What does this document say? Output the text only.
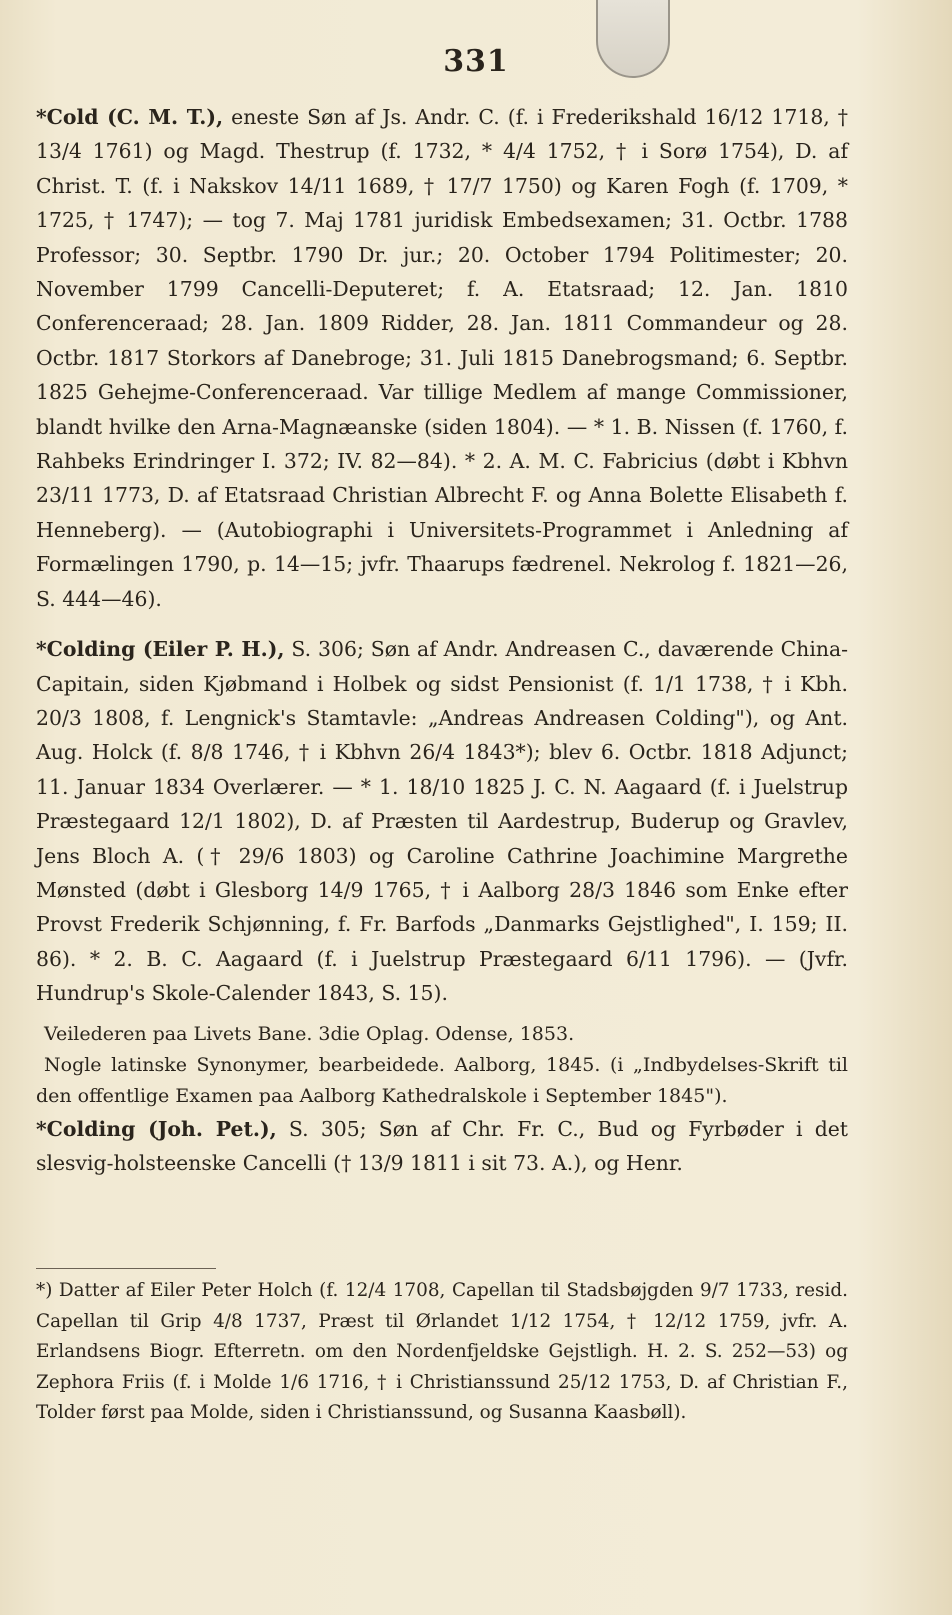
331

*Cold (C. M. T.), eneste Søn af Js. Andr. C. (f. i Frederikshald 16/12 1718, † 13/4 1761) og Magd. Thestrup (f. 1732, * 4/4 1752, † i Sorø 1754), D. af Christ. T. (f. i Nakskov 14/11 1689, † 17/7 1750) og Karen Fogh (f. 1709, * 1725, † 1747); — tog 7. Maj 1781 juridisk Embedsexamen; 31. Octbr. 1788 Professor; 30. Septbr. 1790 Dr. jur.; 20. October 1794 Politimester; 20. November 1799 Cancelli-Deputeret; f. A. Etatsraad; 12. Jan. 1810 Conferenceraad; 28. Jan. 1809 Ridder, 28. Jan. 1811 Commandeur og 28. Octbr. 1817 Storkors af Danebroge; 31. Juli 1815 Danebrogsmand; 6. Septbr. 1825 Gehejme-Conferenceraad. Var tillige Medlem af mange Commissioner, blandt hvilke den Arna-Magnæanske (siden 1804). — * 1. B. Nissen (f. 1760, f. Rahbeks Erindringer I. 372; IV. 82—84). * 2. A. M. C. Fabricius (døbt i Kbhvn 23/11 1773, D. af Etatsraad Christian Albrecht F. og Anna Bolette Elisabeth f. Henneberg). — (Autobiographi i Universitets-Programmet i Anledning af Formælingen 1790, p. 14—15; jvfr. Thaarups fædrenel. Nekrolog f. 1821—26, S. 444—46).

*Colding (Eiler P. H.), S. 306; Søn af Andr. Andreasen C., daværende China-Capitain, siden Kjøbmand i Holbek og sidst Pensionist (f. 1/1 1738, † i Kbh. 20/3 1808, f. Lengnick's Stamtavle: „Andreas Andreasen Colding"), og Ant. Aug. Holck (f. 8/8 1746, † i Kbhvn 26/4 1843*); blev 6. Octbr. 1818 Adjunct; 11. Januar 1834 Overlærer. — * 1. 18/10 1825 J. C. N. Aagaard (f. i Juelstrup Præstegaard 12/1 1802), D. af Præsten til Aardestrup, Buderup og Gravlev, Jens Bloch A. († 29/6 1803) og Caroline Cathrine Joachimine Margrethe Mønsted (døbt i Glesborg 14/9 1765, † i Aalborg 28/3 1846 som Enke efter Provst Frederik Schjønning, f. Fr. Barfods „Danmarks Gejstlighed", I. 159; II. 86). * 2. B. C. Aagaard (f. i Juelstrup Præstegaard 6/11 1796). — (Jvfr. Hundrup's Skole-Calender 1843, S. 15).

Veilederen paa Livets Bane. 3die Oplag. Odense, 1853.

Nogle latinske Synonymer, bearbeidede. Aalborg, 1845. (i „Indbydelses-Skrift til den offentlige Examen paa Aalborg Kathedralskole i September 1845").

*Colding (Joh. Pet.), S. 305; Søn af Chr. Fr. C., Bud og Fyrbøder i det slesvig-holsteenske Cancelli († 13/9 1811 i sit 73. A.), og Henr.

*) Datter af Eiler Peter Holch (f. 12/4 1708, Capellan til Stadsbøjgden 9/7 1733, resid. Capellan til Grip 4/8 1737, Præst til Ørlandet 1/12 1754, † 12/12 1759, jvfr. A. Erlandsens Biogr. Efterretn. om den Nordenfjeldske Gejstligh. H. 2. S. 252—53) og Zephora Friis (f. i Molde 1/6 1716, † i Christianssund 25/12 1753, D. af Christian F., Tolder først paa Molde, siden i Christianssund, og Susanna Kaasbøll).
